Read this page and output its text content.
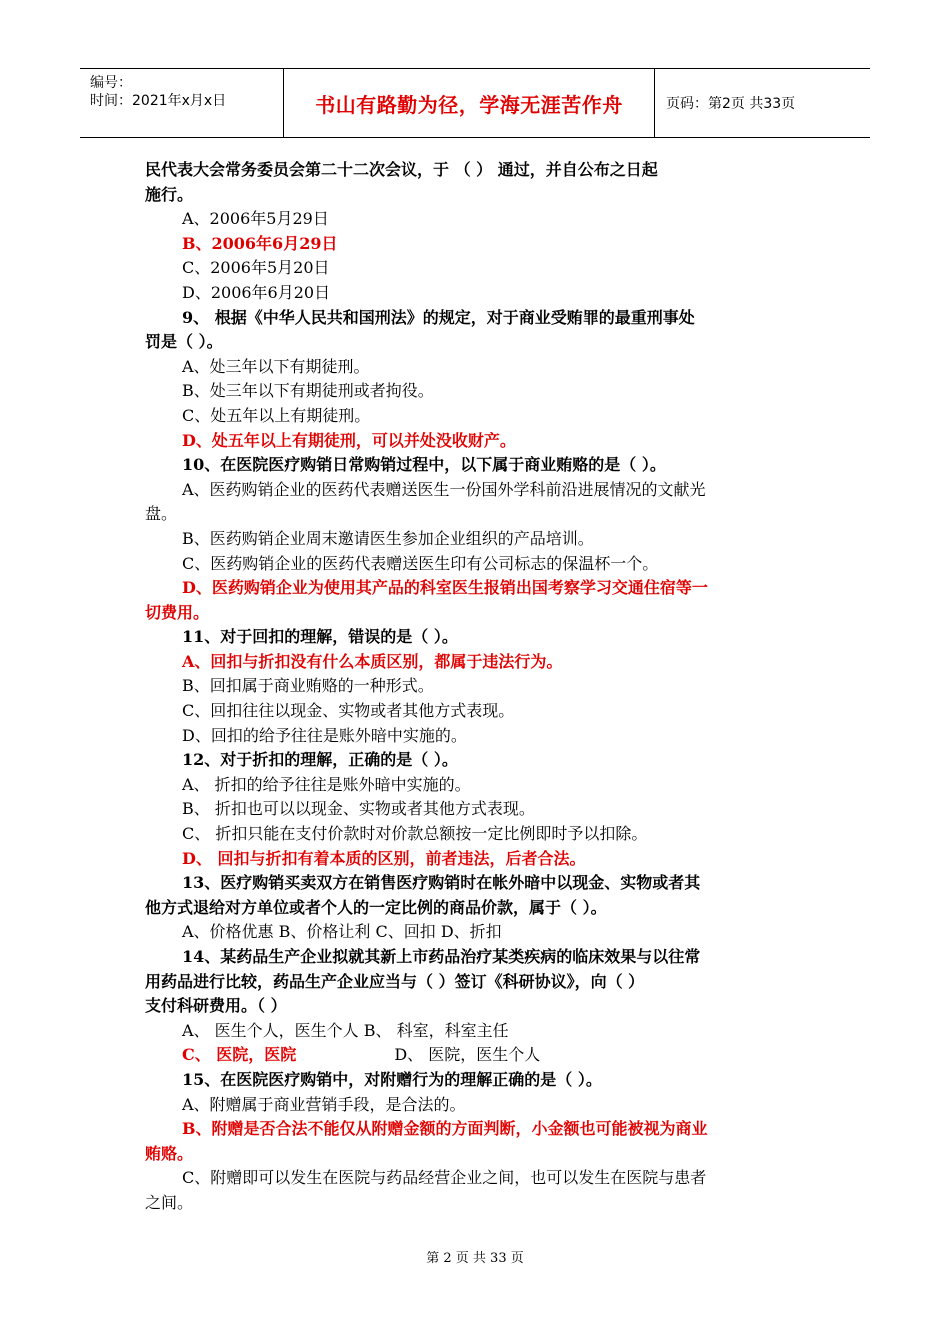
编号：
时间：2021年x月x日	书山有路勤为径，学海无涯苦作舟	页码：第2页 共33页

民代表大会常务委员会第二十二次会议，于 （ ） 通过，并自公布之日起

施行。

A、2006年5月29日

B、2006年6月29日

C、2006年5月20日

D、2006年6月20日

9、 根据《中华人民共和国刑法》的规定，对于商业受贿罪的最重刑事处

罚是（ ）。

A、处三年以下有期徒刑。

B、处三年以下有期徒刑或者拘役。

C、处五年以上有期徒刑。

D、处五年以上有期徒刑，可以并处没收财产。

10、在医院医疗购销日常购销过程中，以下属于商业贿赂的是（ ）。

A、医药购销企业的医药代表赠送医生一份国外学科前沿进展情况的文献光

盘。

B、医药购销企业周末邀请医生参加企业组织的产品培训。

C、医药购销企业的医药代表赠送医生印有公司标志的保温杯一个。

D、医药购销企业为使用其产品的科室医生报销出国考察学习交通住宿等一

切费用。

11、对于回扣的理解，错误的是（ ）。

A、回扣与折扣没有什么本质区别，都属于违法行为。

B、回扣属于商业贿赂的一种形式。

C、回扣往往以现金、实物或者其他方式表现。

D、回扣的给予往往是账外暗中实施的。

12、对于折扣的理解，正确的是（ ）。

A、 折扣的给予往往是账外暗中实施的。

B、 折扣也可以以现金、实物或者其他方式表现。

C、 折扣只能在支付价款时对价款总额按一定比例即时予以扣除。

D、 回扣与折扣有着本质的区别，前者违法，后者合法。

13、医疗购销买卖双方在销售医疗购销时在帐外暗中以现金、实物或者其

他方式退给对方单位或者个人的一定比例的商品价款，属于（ ）。

A、价格优惠 B、价格让利 C、回扣 D、折扣

14、某药品生产企业拟就其新上市药品治疗某类疾病的临床效果与以往常

用药品进行比较，药品生产企业应当与（ ）签订《科研协议》，向（ ）

支付科研费用。（ ）

A、 医生个人，医生个人 B、 科室，科室主任

C、 医院，医院	D、 医院，医生个人

15、在医院医疗购销中，对附赠行为的理解正确的是（ ）。

A、附赠属于商业营销手段，是合法的。

B、附赠是否合法不能仅从附赠金额的方面判断，小金额也可能被视为商业

贿赂。

C、附赠即可以发生在医院与药品经营企业之间，也可以发生在医院与患者

之间。

第 2 页 共 33 页
